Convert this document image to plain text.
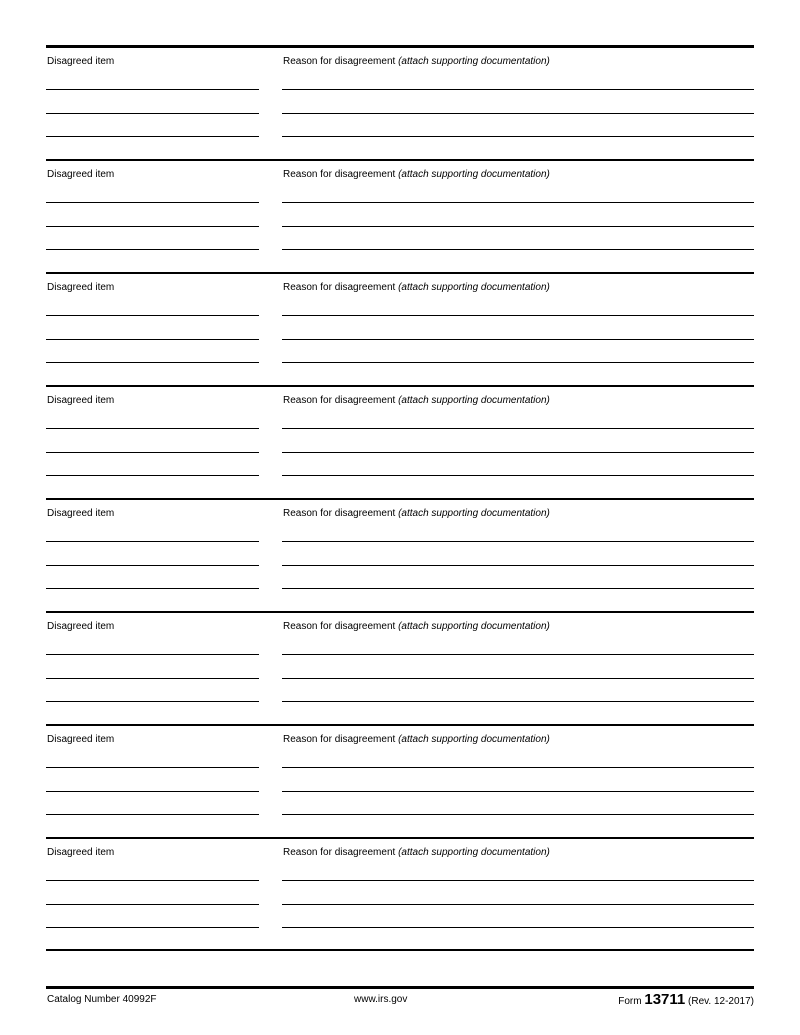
Disagreed item	Reason for disagreement (attach supporting documentation)
Disagreed item	Reason for disagreement (attach supporting documentation)
Disagreed item	Reason for disagreement (attach supporting documentation)
Disagreed item	Reason for disagreement (attach supporting documentation)
Disagreed item	Reason for disagreement (attach supporting documentation)
Disagreed item	Reason for disagreement (attach supporting documentation)
Disagreed item	Reason for disagreement (attach supporting documentation)
Disagreed item	Reason for disagreement (attach supporting documentation)
Catalog Number 40992F	www.irs.gov	Form 13711 (Rev. 12-2017)
